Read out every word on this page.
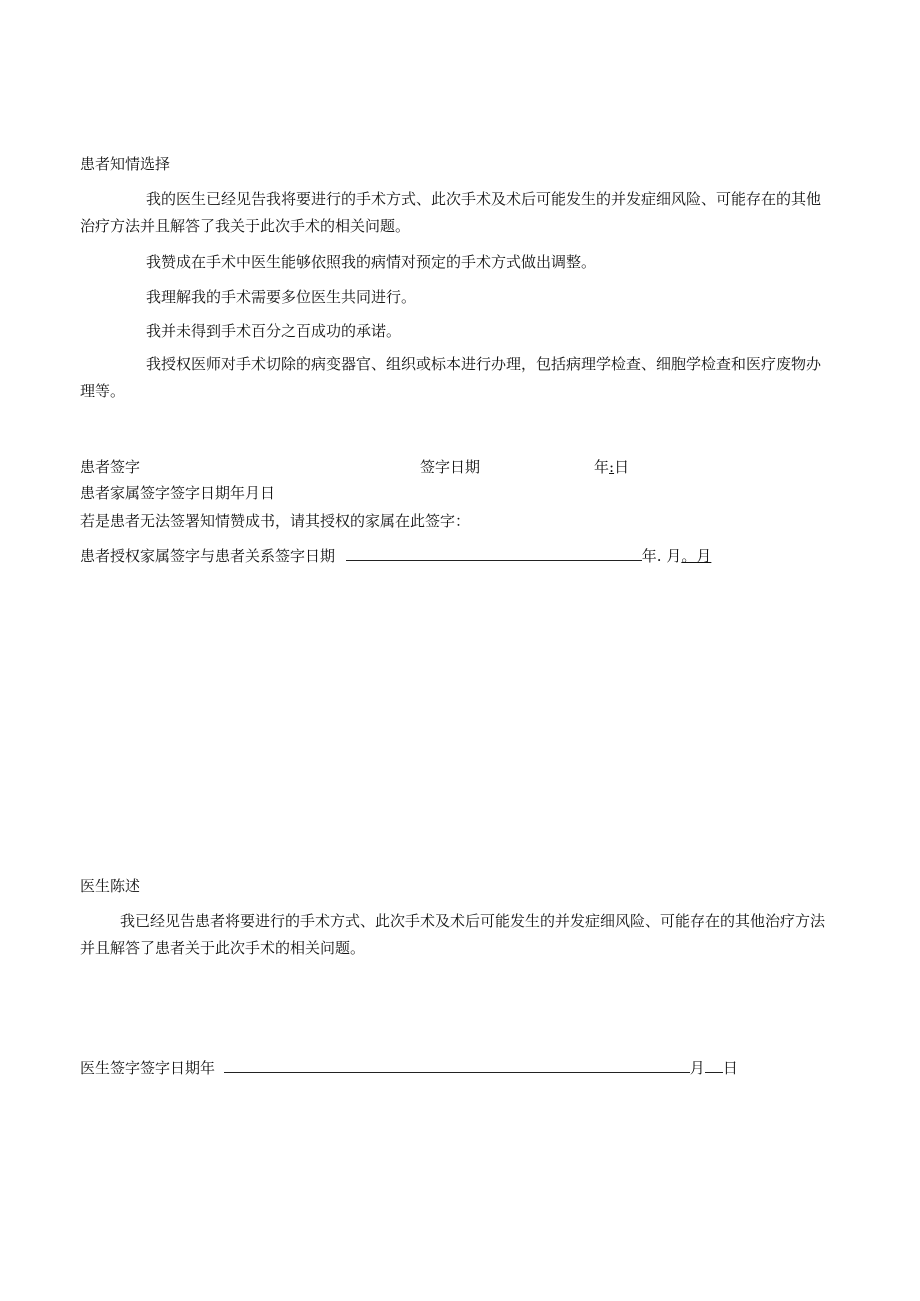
患者知情选择
我的医生已经见告我将要进行的手术方式、此次手术及术后可能发生的并发症细风险、可能存在的其他治疗方法并且解答了我关于此次手术的相关问题。
我赞成在手术中医生能够依照我的病情对预定的手术方式做出调整。
我理解我的手术需要多位医生共同进行。
我并未得到手术百分之百成功的承诺。
我授权医师对手术切除的病变器官、组织或标本进行办理，包括病理学检查、细胞学检查和医疗废物办理等。
患者签字	签字日期	年:日
患者家属签字签字日期年月日
若是患者无法签署知情赞成书，请其授权的家属在此签字：
患者授权家属签字与患者关系签字日期	年. 月。月
医生陈述
我已经见告患者将要进行的手术方式、此次手术及术后可能发生的并发症细风险、可能存在的其他治疗方法并且解答了患者关于此次手术的相关问题。
医生签字签字日期年	月 日
